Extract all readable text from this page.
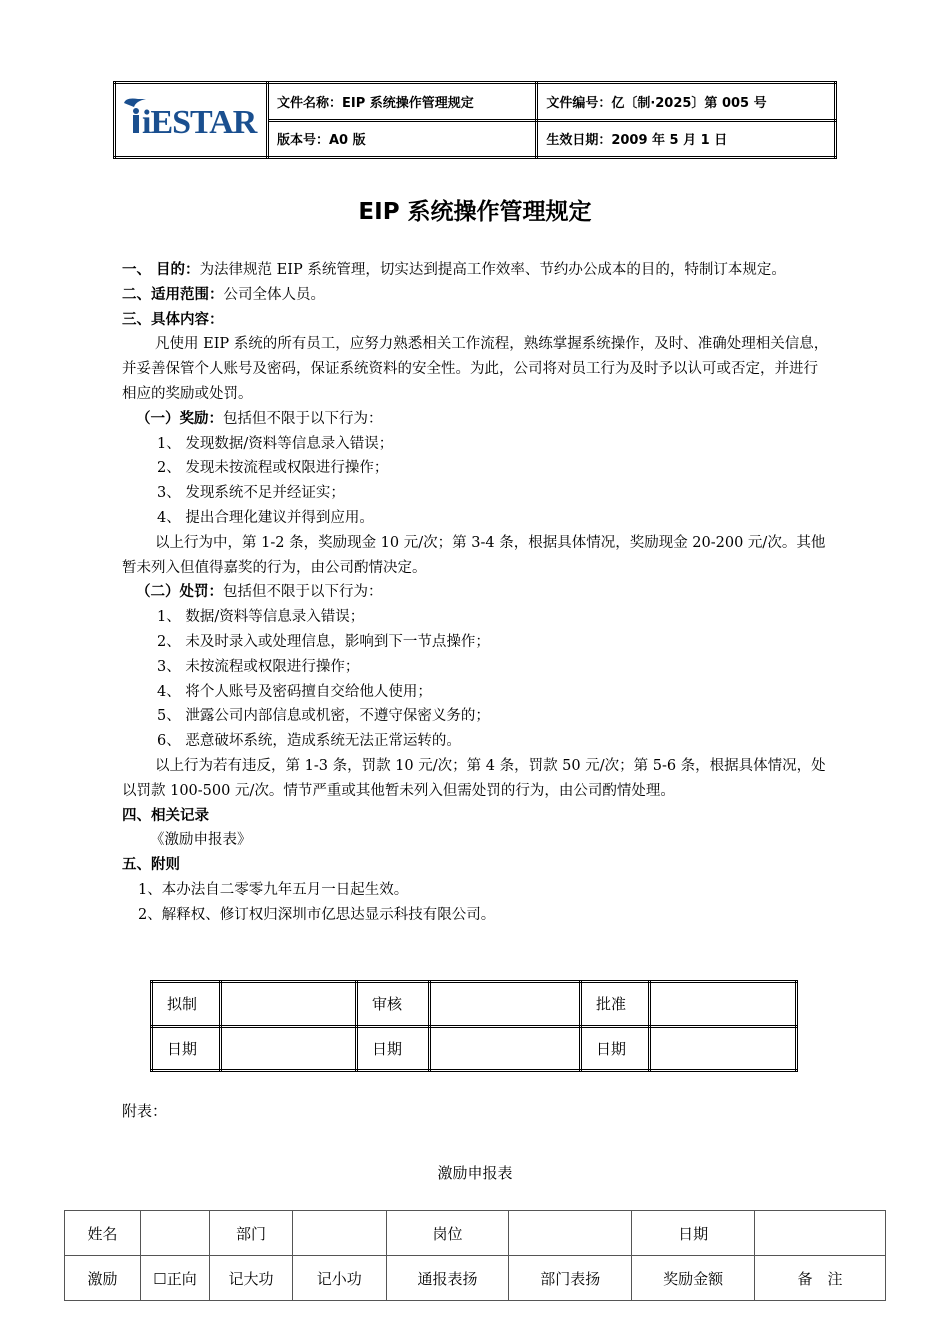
iESTAR	文件名称：EIP 系统操作管理规定	文件编号：亿〔制·2025〕第 005 号
	版本号：A0 版	生效日期：2009 年 5 月 1 日
EIP 系统操作管理规定

一、 目的：为法律规范 EIP 系统管理，切实达到提高工作效率、节约办公成本的目的，特制订本规定。

二、适用范围：公司全体人员。

三、具体内容：

凡使用 EIP 系统的所有员工，应努力熟悉相关工作流程，熟练掌握系统操作，及时、准确处理相关信息，并妥善保管个人账号及密码，保证系统资料的安全性。为此，公司将对员工行为及时予以认可或否定，并进行相应的奖励或处罚。

（一）奖励：包括但不限于以下行为：

1、 发现数据/资料等信息录入错误；

2、 发现未按流程或权限进行操作；

3、 发现系统不足并经证实；

4、 提出合理化建议并得到应用。

以上行为中，第 1-2 条，奖励现金 10 元/次；第 3-4 条，根据具体情况，奖励现金 20-200 元/次。其他暂未列入但值得嘉奖的行为，由公司酌情决定。

（二）处罚：包括但不限于以下行为：

1、 数据/资料等信息录入错误；

2、 未及时录入或处理信息，影响到下一节点操作；

3、 未按流程或权限进行操作；

4、 将个人账号及密码擅自交给他人使用；

5、 泄露公司内部信息或机密，不遵守保密义务的；

6、 恶意破坏系统，造成系统无法正常运转的。

以上行为若有违反，第 1-3 条，罚款 10 元/次；第 4 条，罚款 50 元/次；第 5-6 条，根据具体情况，处以罚款 100-500 元/次。情节严重或其他暂未列入但需处罚的行为，由公司酌情处理。

四、相关记录

《激励申报表》

五、附则

1、本办法自二零零九年五月一日起生效。

2、解释权、修订权归深圳市亿思达显示科技有限公司。

拟制		审核		批准	
日期		日期		日期	
附表：
激励申报表
姓名		部门		岗位		日期	
激励	☐正向	记大功	记小功	通报表扬	部门表扬	奖励金额	备　注
